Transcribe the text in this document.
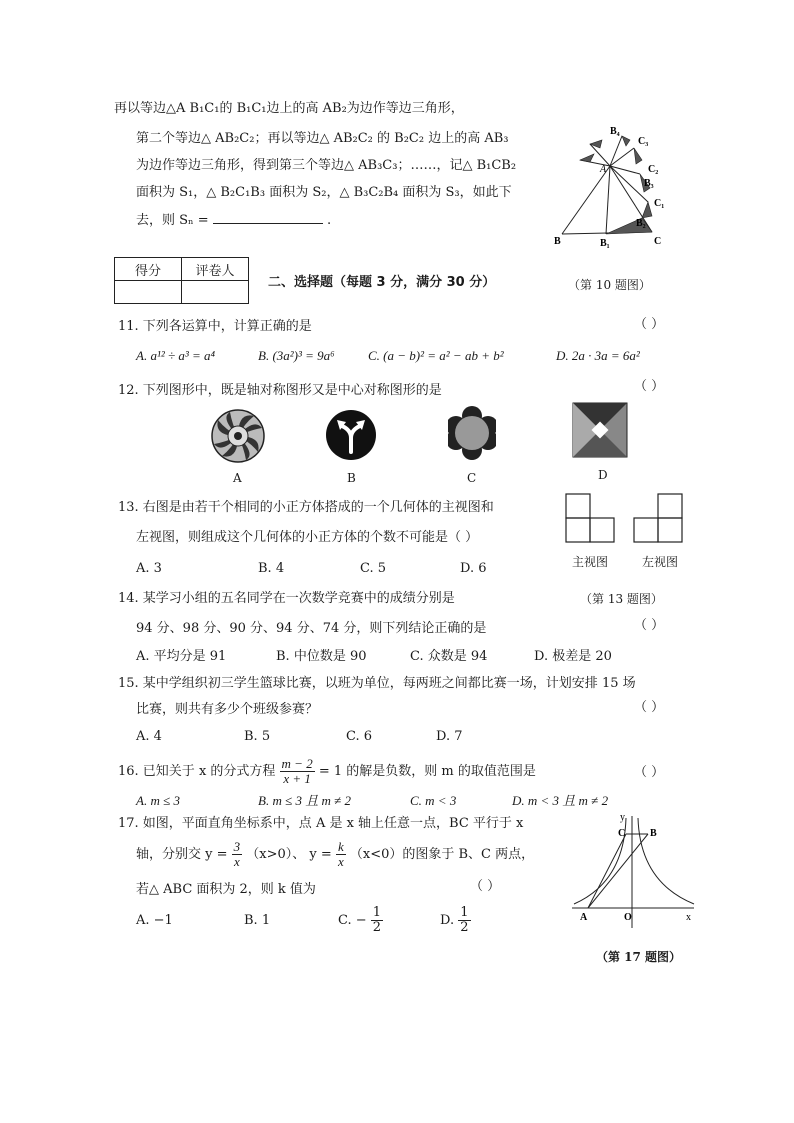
再以等边△A B₁C₁的 B₁C₁边上的高 AB₂为边作等边三角形，
第二个等边△ AB₂C₂；再以等边△ AB₂C₂ 的 B₂C₂ 边上的高 AB₃
为边作等边三角形，得到第三个等边△ AB₃C₃；……，记△ B₁CB₂
面积为 S₁，△ B₂C₁B₃ 面积为 S₂，△ B₃C₂B₄ 面积为 S₃，如此下
去，则 Sₙ =	.
A
B	B₁	C
C₁
B₂
C₂
B₃
C₃
B₄
得分	评卷人

二、选择题（每题 3 分，满分 30 分）	（第 10 题图）
11. 下列各运算中，计算正确的是	（ ）
A. a¹² ÷ a³ = a⁴	B. (3a²)³ = 9a⁶	C. (a − b)² = a² − ab + b²	D. 2a · 3a = 6a²
12. 下列图形中，既是轴对称图形又是中心对称图形的是	（ ）
A	B	C	D
13. 右图是由若干个相同的小正方体搭成的一个几何体的主视图和
左视图，则组成这个几何体的小正方体的个数不可能是（ ）
A. 3	B. 4	C. 5	D. 6	主视图	左视图
（第 13 题图）
14. 某学习小组的五名同学在一次数学竞赛中的成绩分别是
94 分、98 分、90 分、94 分、74 分，则下列结论正确的是	（ ）
A. 平均分是 91	B. 中位数是 90	C. 众数是 94	D. 极差是 20
15. 某中学组织初三学生篮球比赛，以班为单位，每两班之间都比赛一场，计划安排 15 场
比赛，则共有多少个班级参赛？	（ ）
A. 4	B. 5	C. 6	D. 7
16. 已知关于 x 的分式方程 $\frac{m - 2}{x + 1} = 1$ 的解是负数，则 m 的取值范围是	（ ）
A. m ≤ 3	B. m ≤ 3 且 m ≠ 2	C. m < 3	D. m < 3 且 m ≠ 2
17. 如图，平面直角坐标系中，点 A 是 x 轴上任意一点，BC 平行于 x
轴，分别交 $y = \frac{3}{x} (x>0)$、 $y = \frac{k}{x} (x<0)$的图象于 B、C 两点，
若△ ABC 面积为 2，则 k 值为	（ ）
A. −1	B. 1	C. − $\frac{1}{2}$	D. $\frac{1}{2}$
y
C B
A	O	x
（第 17 题图）
